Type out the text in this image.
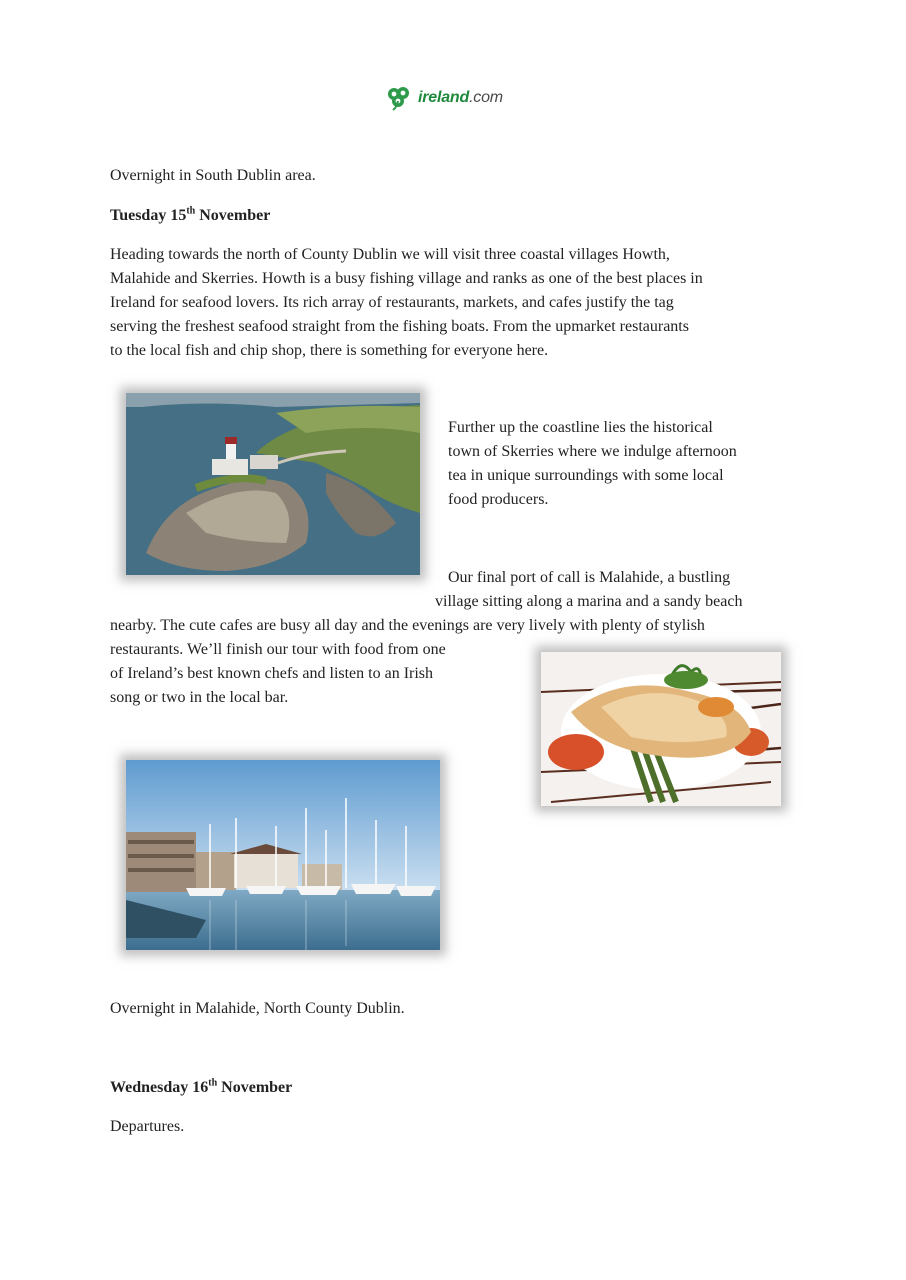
ireland.com
Overnight in South Dublin area.
Tuesday 15th November
Heading towards the north of County Dublin we will visit three coastal villages Howth,
Malahide and Skerries. Howth is a busy fishing village and ranks as one of the best places in
Ireland for seafood lovers. Its rich array of restaurants, markets, and cafes justify the tag
serving the freshest seafood straight from the fishing boats. From the upmarket restaurants
to the local fish and chip shop, there is something for everyone here.
Further up the coastline lies the historical
town of Skerries where we indulge afternoon
tea in unique surroundings with some local
food producers.
Our final port of call is Malahide, a bustling
village sitting along a marina and a sandy beach
nearby. The cute cafes are busy all day and the evenings are very lively with plenty of stylish
restaurants. We’ll finish our tour with food from one
of Ireland’s best known chefs and listen to an Irish
song or two in the local bar.
Overnight in Malahide, North County Dublin.
Wednesday 16th November
Departures.
